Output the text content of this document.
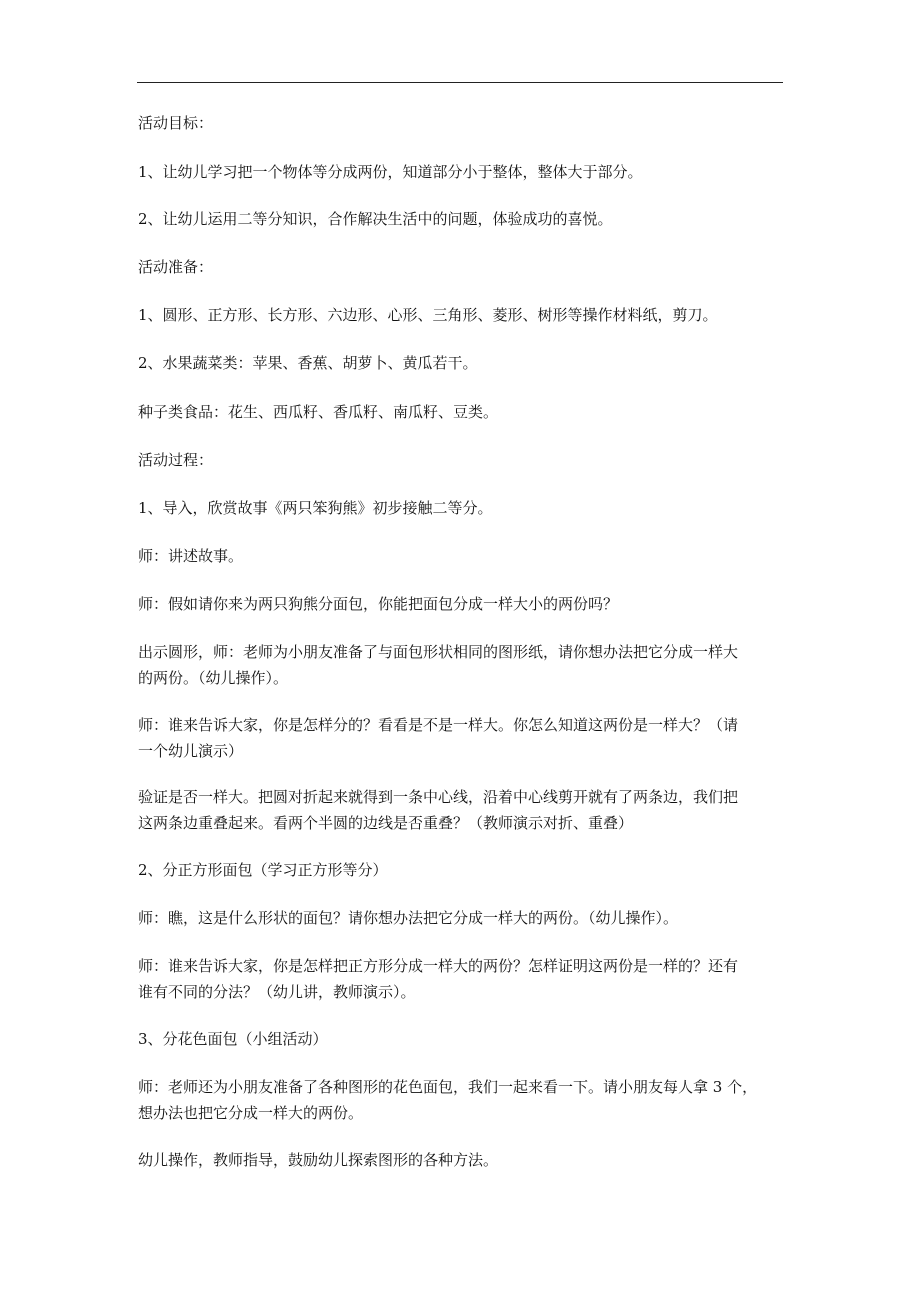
活动目标：

1、让幼儿学习把一个物体等分成两份，知道部分小于整体，整体大于部分。

2、让幼儿运用二等分知识，合作解决生活中的问题，体验成功的喜悦。

活动准备：

1、圆形、正方形、长方形、六边形、心形、三角形、菱形、树形等操作材料纸，剪刀。

2、水果蔬菜类：苹果、香蕉、胡萝卜、黄瓜若干。

种子类食品：花生、西瓜籽、香瓜籽、南瓜籽、豆类。

活动过程：

1、导入，欣赏故事《两只笨狗熊》初步接触二等分。

师：讲述故事。

师：假如请你来为两只狗熊分面包，你能把面包分成一样大小的两份吗？

出示圆形，师：老师为小朋友准备了与面包形状相同的图形纸，请你想办法把它分成一样大
的两份。（幼儿操作）。

师：谁来告诉大家，你是怎样分的？看看是不是一样大。你怎么知道这两份是一样大？（请
一个幼儿演示）

验证是否一样大。把圆对折起来就得到一条中心线，沿着中心线剪开就有了两条边，我们把
这两条边重叠起来。看两个半圆的边线是否重叠？（教师演示对折、重叠）

2、分正方形面包（学习正方形等分）

师：瞧，这是什么形状的面包？请你想办法把它分成一样大的两份。（幼儿操作）。

师：谁来告诉大家，你是怎样把正方形分成一样大的两份？怎样证明这两份是一样的？还有
谁有不同的分法？（幼儿讲，教师演示）。

3、分花色面包（小组活动）

师：老师还为小朋友准备了各种图形的花色面包，我们一起来看一下。请小朋友每人拿 3 个，
想办法也把它分成一样大的两份。

幼儿操作，教师指导，鼓励幼儿探索图形的各种方法。
